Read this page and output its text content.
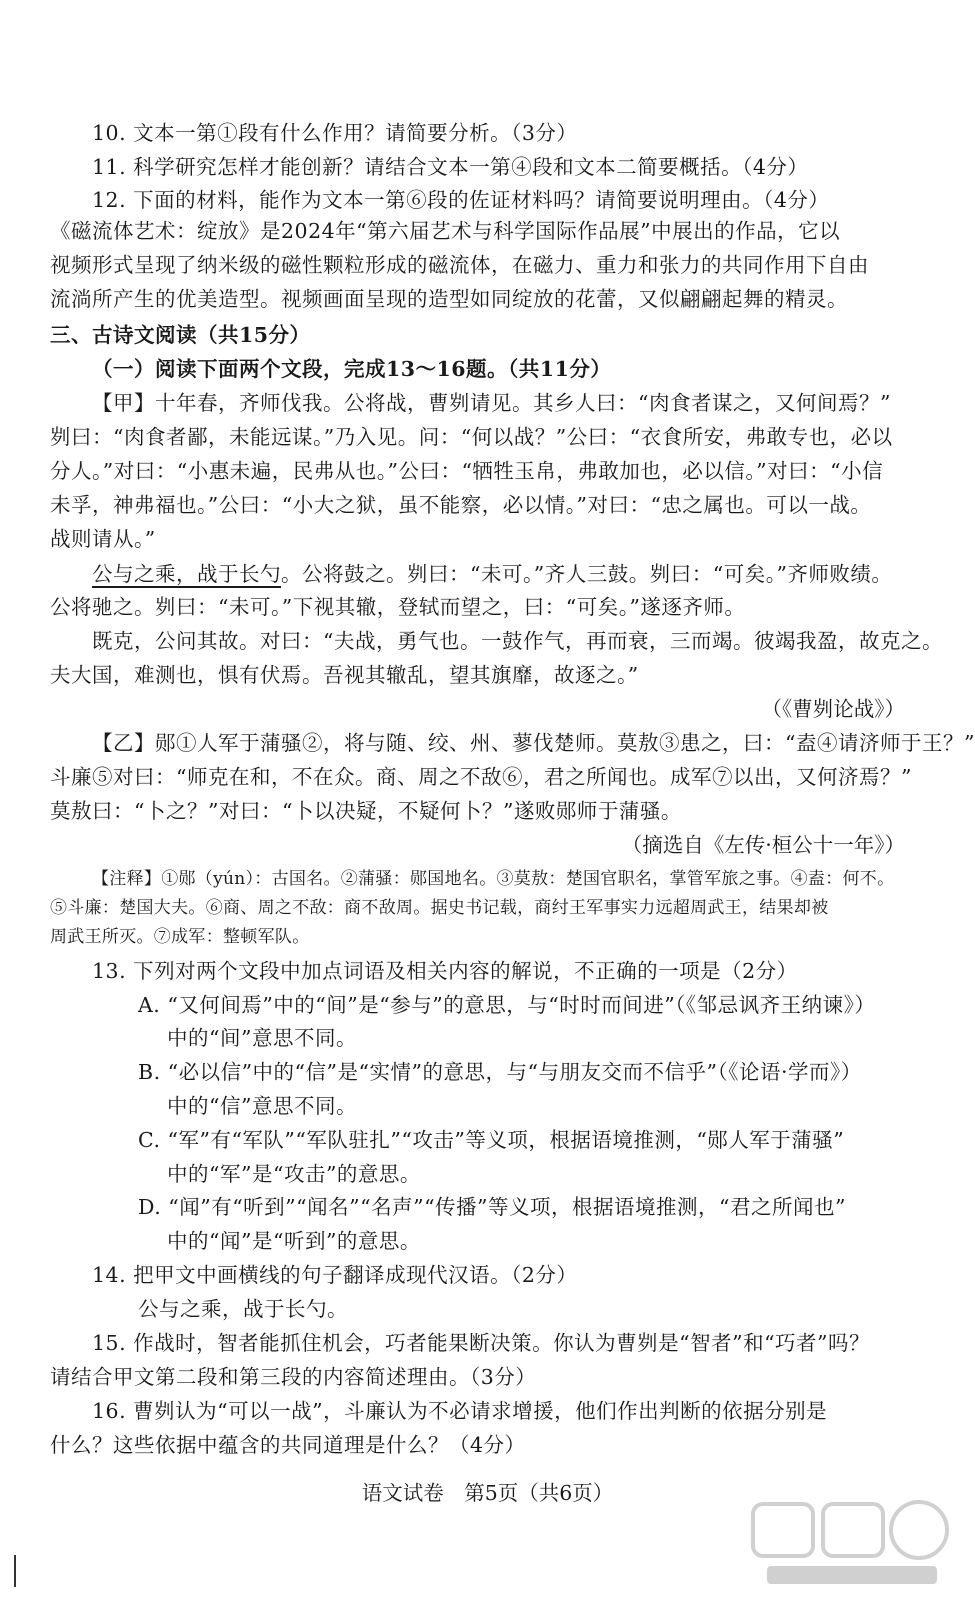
10. 文本一第①段有什么作用？请简要分析。（3分）
11. 科学研究怎样才能创新？请结合文本一第④段和文本二简要概括。（4分）
12. 下面的材料，能作为文本一第⑥段的佐证材料吗？请简要说明理由。（4分）
《磁流体艺术：绽放》是2024年“第六届艺术与科学国际作品展”中展出的作品，它以
视频形式呈现了纳米级的磁性颗粒形成的磁流体，在磁力、重力和张力的共同作用下自由
流淌所产生的优美造型。视频画面呈现的造型如同绽放的花蕾，又似翩翩起舞的精灵。
三、古诗文阅读（共15分）
（一）阅读下面两个文段，完成13～16题。（共11分）
【甲】十年春，齐师伐我。公将战，曹刿请见。其乡人曰：“肉食者谋之，又何间焉？”
刿曰：“肉食者鄙，未能远谋。”乃入见。问：“何以战？”公曰：“衣食所安，弗敢专也，必以
分人。”对曰：“小惠未遍，民弗从也。”公曰：“牺牲玉帛，弗敢加也，必以信。”对曰：“小信
未孚，神弗福也。”公曰：“小大之狱，虽不能察，必以情。”对曰：“忠之属也。可以一战。
战则请从。”
公与之乘，战于长勺。公将鼓之。刿曰：“未可。”齐人三鼓。刿曰：“可矣。”齐师败绩。
公将驰之。刿曰：“未可。”下视其辙，登轼而望之，曰：“可矣。”遂逐齐师。
既克，公问其故。对曰：“夫战，勇气也。一鼓作气，再而衰，三而竭。彼竭我盈，故克之。
夫大国，难测也，惧有伏焉。吾视其辙乱，望其旗靡，故逐之。”
（《曹刿论战》）
【乙】郧①人军于蒲骚②，将与随、绞、州、蓼伐楚师。莫敖③患之，曰：“盍④请济师于王？”
斗廉⑤对曰：“师克在和，不在众。商、周之不敌⑥，君之所闻也。成军⑦以出，又何济焉？”
莫敖曰：“卜之？”对曰：“卜以决疑，不疑何卜？”遂败郧师于蒲骚。
（摘选自《左传·桓公十一年》）
【注释】①郧（yún）：古国名。②蒲骚：郧国地名。③莫敖：楚国官职名，掌管军旅之事。④盍：何不。
⑤斗廉：楚国大夫。⑥商、周之不敌：商不敌周。据史书记载，商纣王军事实力远超周武王，结果却被
周武王所灭。⑦成军：整顿军队。
13. 下列对两个文段中加点词语及相关内容的解说，不正确的一项是（2分）
A. “又何间焉”中的“间”是“参与”的意思，与“时时而间进”（《邹忌讽齐王纳谏》）
中的“间”意思不同。
B. “必以信”中的“信”是“实情”的意思，与“与朋友交而不信乎”（《论语·学而》）
中的“信”意思不同。
C. “军”有“军队”“军队驻扎”“攻击”等义项，根据语境推测，“郧人军于蒲骚”
中的“军”是“攻击”的意思。
D. “闻”有“听到”“闻名”“名声”“传播”等义项，根据语境推测，“君之所闻也”
中的“闻”是“听到”的意思。
14. 把甲文中画横线的句子翻译成现代汉语。（2分）
公与之乘，战于长勺。
15. 作战时，智者能抓住机会，巧者能果断决策。你认为曹刿是“智者”和“巧者”吗？
请结合甲文第二段和第三段的内容简述理由。（3分）
16. 曹刿认为“可以一战”，斗廉认为不必请求增援，他们作出判断的依据分别是
什么？这些依据中蕴含的共同道理是什么？（4分）
语文试卷　第5页（共6页）
